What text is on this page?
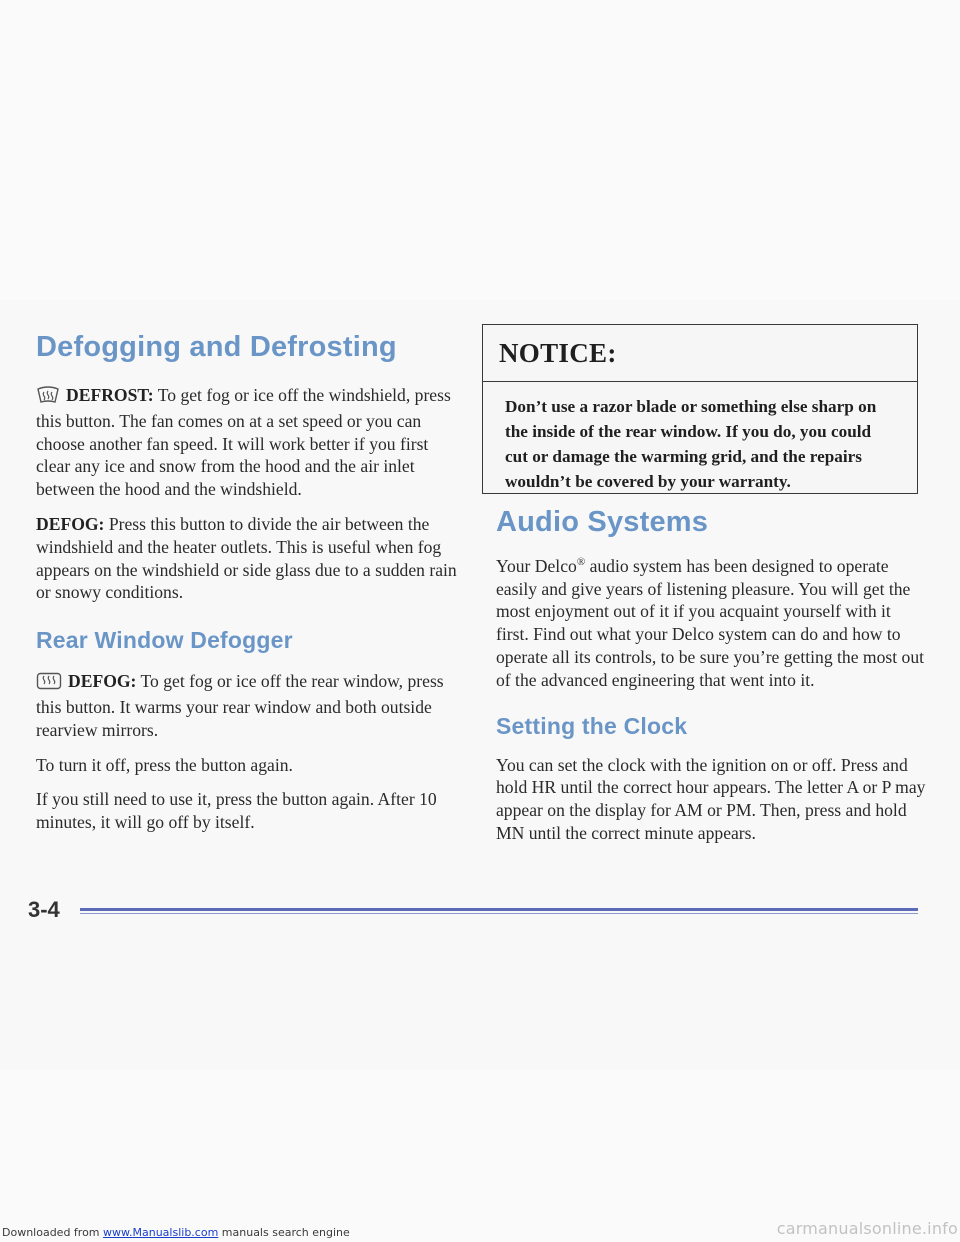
Defogging and Defrosting

DEFROST: To get fog or ice off the windshield, press this button. The fan comes on at a set speed or you can choose another fan speed. It will work better if you first clear any ice and snow from the hood and the air inlet between the hood and the windshield.

DEFOG: Press this button to divide the air between the windshield and the heater outlets. This is useful when fog appears on the windshield or side glass due to a sudden rain or snowy conditions.

Rear Window Defogger

DEFOG: To get fog or ice off the rear window, press this button. It warms your rear window and both outside rearview mirrors.

To turn it off, press the button again.

If you still need to use it, press the button again. After 10 minutes, it will go off by itself.

NOTICE:
Don’t use a razor blade or something else sharp on the inside of the rear window. If you do, you could cut or damage the warming grid, and the repairs wouldn’t be covered by your warranty.
Audio Systems

Your Delco® audio system has been designed to operate easily and give years of listening pleasure. You will get the most enjoyment out of it if you acquaint yourself with it first. Find out what your Delco system can do and how to operate all its controls, to be sure you’re getting the most out of the advanced engineering that went into it.

Setting the Clock

You can set the clock with the ignition on or off. Press and hold HR until the correct hour appears. The letter A or P may appear on the display for AM or PM. Then, press and hold MN until the correct minute appears.

3-4
Downloaded from www.Manualslib.com manuals search engine	carmanualsonline.info
